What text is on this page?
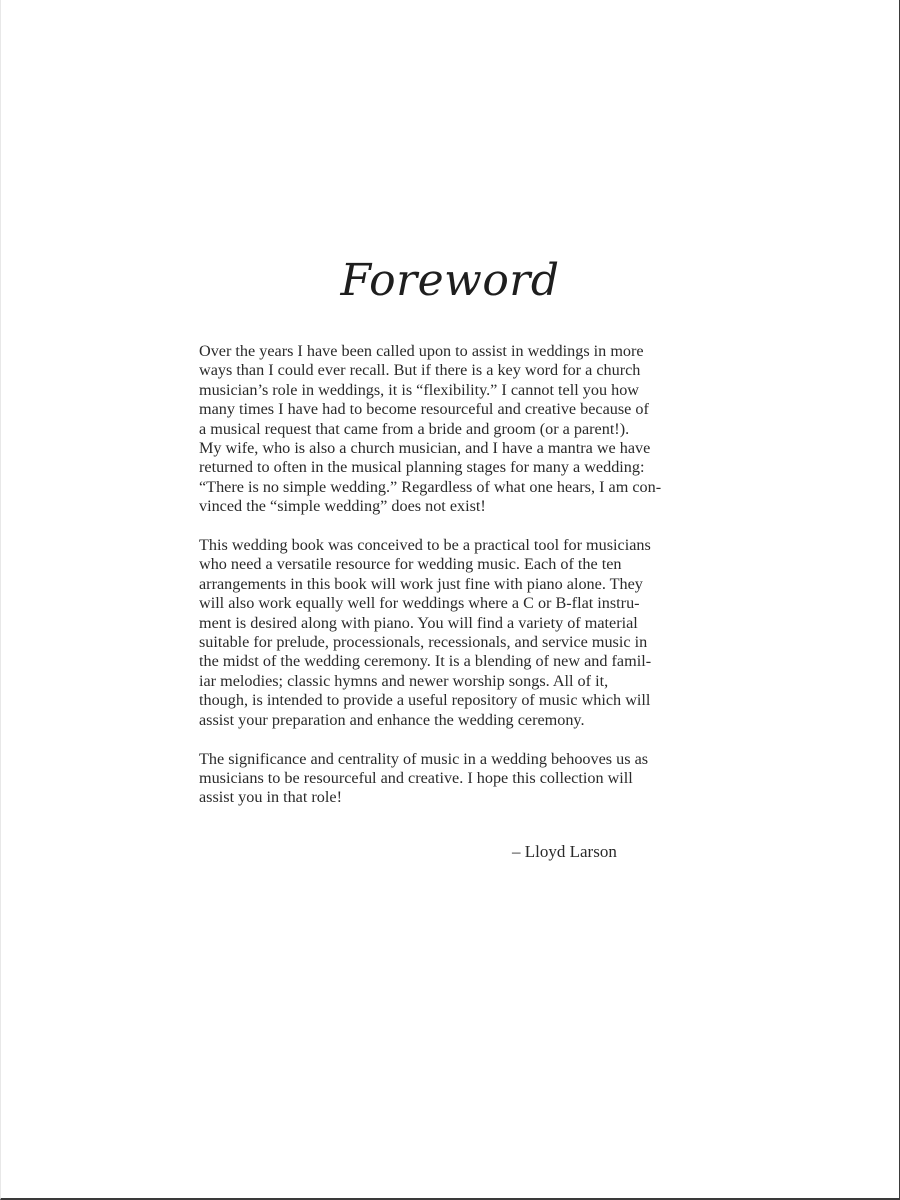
Foreword
Over the years I have been called upon to assist in weddings in more
ways than I could ever recall. But if there is a key word for a church
musician’s role in weddings, it is “flexibility.” I cannot tell you how
many times I have had to become resourceful and creative because of
a musical request that came from a bride and groom (or a parent!).
My wife, who is also a church musician, and I have a mantra we have
returned to often in the musical planning stages for many a wedding:
“There is no simple wedding.” Regardless of what one hears, I am con-
vinced the “simple wedding” does not exist!
This wedding book was conceived to be a practical tool for musicians
who need a versatile resource for wedding music. Each of the ten
arrangements in this book will work just fine with piano alone. They
will also work equally well for weddings where a C or B-flat instru-
ment is desired along with piano. You will find a variety of material
suitable for prelude, processionals, recessionals, and service music in
the midst of the wedding ceremony. It is a blending of new and famil-
iar melodies; classic hymns and newer worship songs. All of it,
though, is intended to provide a useful repository of music which will
assist your preparation and enhance the wedding ceremony.
The significance and centrality of music in a wedding behooves us as
musicians to be resourceful and creative. I hope this collection will
assist you in that role!
– Lloyd Larson
